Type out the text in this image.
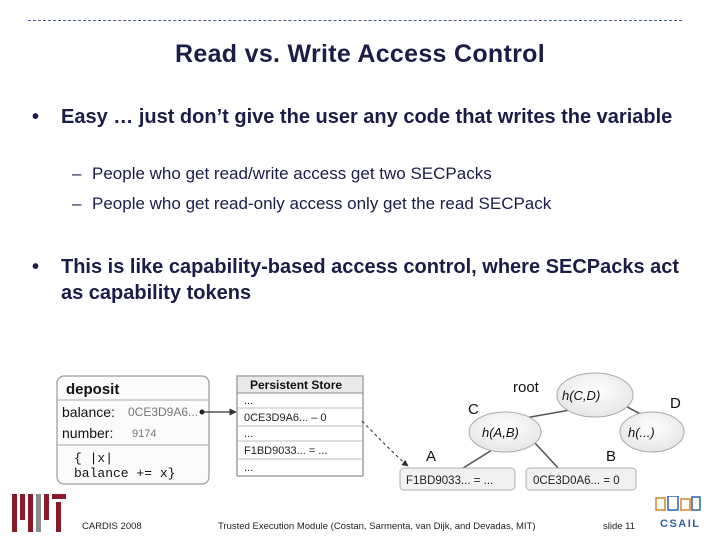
Read vs. Write Access Control
• Easy … just don’t give the user any code that writes the variable
– People who get read/write access get two SECPacks
– People who get read-only access only get the read SECPack
• This is like capability-based access control, where SECPacks act as capability tokens
deposit
balance: 0CE3D9A6...
number: 9174
{ |x|
balance += x}
Persistent Store
...
0CE3D9A6... – 0
...
F1BD9033... = ...
...
h(C,D)
root
h(A,B)
C
h(...)
D
A	B
F1BD9033... = ...	0CE3D0A6... = 0
CARDIS 2008	Trusted Execution Module (Costan, Sarmenta, van Dijk, and Devadas, MIT)	slide 11 CSAIL
